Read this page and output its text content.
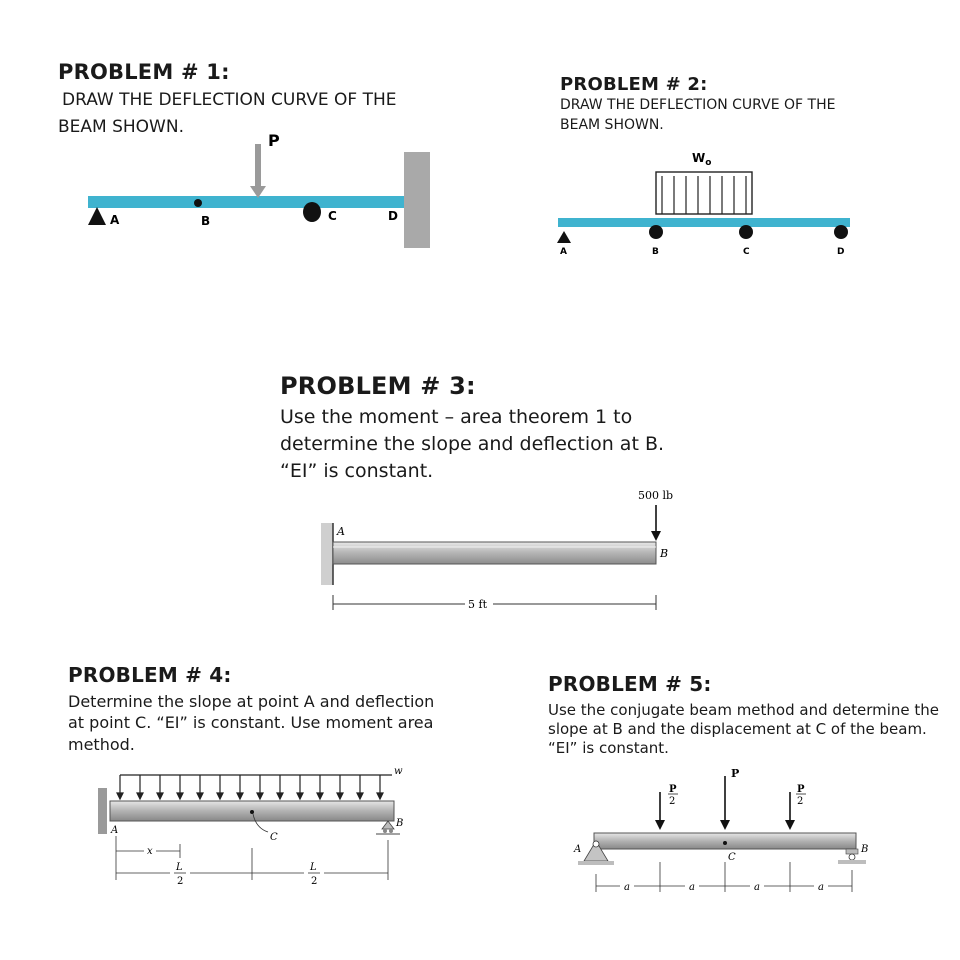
PROBLEM # 1:
DRAW THE DEFLECTION CURVE OF THE
BEAM SHOWN.
P
A	B	C	D
PROBLEM # 2:
DRAW THE DEFLECTION CURVE OF THE
BEAM SHOWN.
$W_o$
A	B	C	D
PROBLEM # 3:
Use the moment – area theorem 1 to
determine the slope and deflection at B.
“EI” is constant.
500 lb
A
B
5 ft
PROBLEM # 4:
Determine the slope at point A and deflection
at point C. “EI” is constant. Use moment area
method.
w
C
A
B
x
L
2
L
2
PROBLEM # 5:
Use the conjugate beam method and determine the
slope at B and the displacement at C of the beam.
“EI” is constant.
P
2
P
P
2
A	B
C
a	a	a	a
